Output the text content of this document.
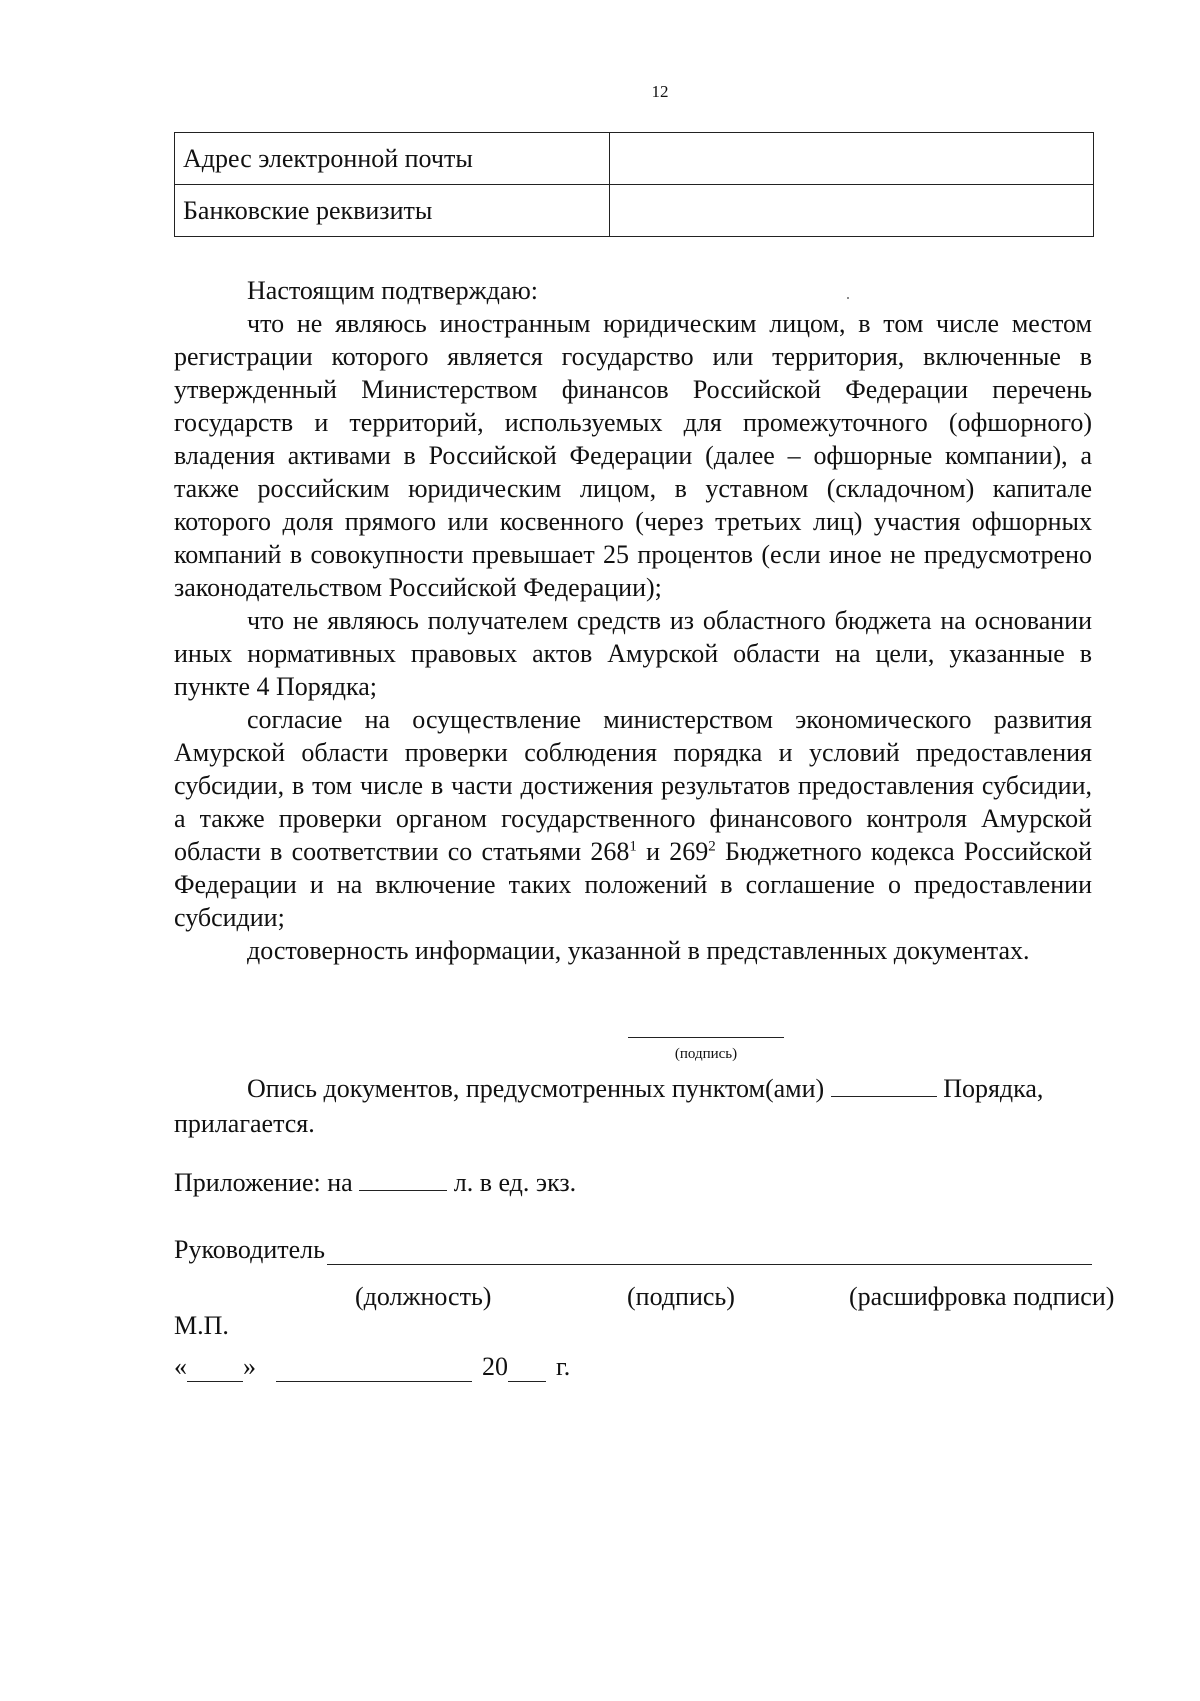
12
Адрес электронной почты	
Банковские реквизиты	

Настоящим подтверждаю:

что не являюсь иностранным юридическим лицом, в том числе местом регистрации которого является государство или территория, включенные в утвержденный Министерством финансов Российской Федерации перечень государств и территорий, используемых для промежуточного (офшорного) владения активами в Российской Федерации (далее – офшорные компании), а также российским юридическим лицом, в уставном (складочном) капитале которого доля прямого или косвенного (через третьих лиц) участия офшорных компаний в совокупности превышает 25 процентов (если иное не предусмотрено законодательством Российской Федерации);

что не являюсь получателем средств из областного бюджета на основании иных нормативных правовых актов Амурской области на цели, указанные в пункте 4 Порядка;

согласие на осуществление министерством экономического развития Амурской области проверки соблюдения порядка и условий предоставления субсидии, в том числе в части достижения результатов предоставления субсидии, а также проверки органом государственного финансового контроля Амурской области в соответствии со статьями $268^1$ и $269^2$ Бюджетного кодекса Российской Федерации и на включение таких положений в соглашение о предоставлении субсидии;

достоверность информации, указанной в представленных документах.

(подпись)

Опись документов, предусмотренных пунктом(ами)	Порядка,

прилагается.
Приложение: на	л. в ед. экз.
Руководитель
(должность)	(подпись)	(расшифровка подписи)
М.П.
« »	20 г.
